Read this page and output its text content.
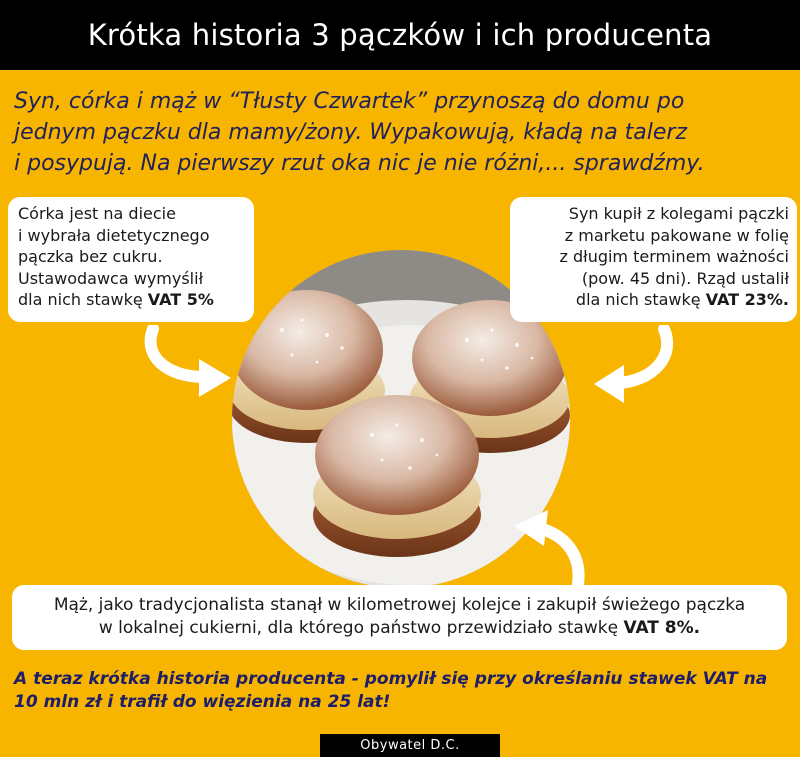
Krótka historia 3 pączków i ich producenta

Syn, córka i mąż w “Tłusty Czwartek” przynoszą do domu po
jednym pączku dla mamy/żony. Wypakowują, kładą na talerz
i posypują. Na pierwszy rzut oka nic je nie różni,... sprawdźmy.

Córka jest na diecie
i wybrała dietetycznego
pączka bez cukru.
Ustawodawca wymyślił
dla nich stawkę VAT 5%
Syn kupił z kolegami pączki
z marketu pakowane w folię
z długim terminem ważności
(pow. 45 dni). Rząd ustalił
dla nich stawkę VAT 23%.
Mąż, jako tradycjonalista stanął w kilometrowej kolejce i zakupił świeżego pączka
w lokalnej cukierni, dla którego państwo przewidziało stawkę VAT 8%.

A teraz krótka historia producenta - pomylił się przy określaniu stawek VAT na
10 mln zł i trafił do więzienia na 25 lat!

Obywatel D.C.
